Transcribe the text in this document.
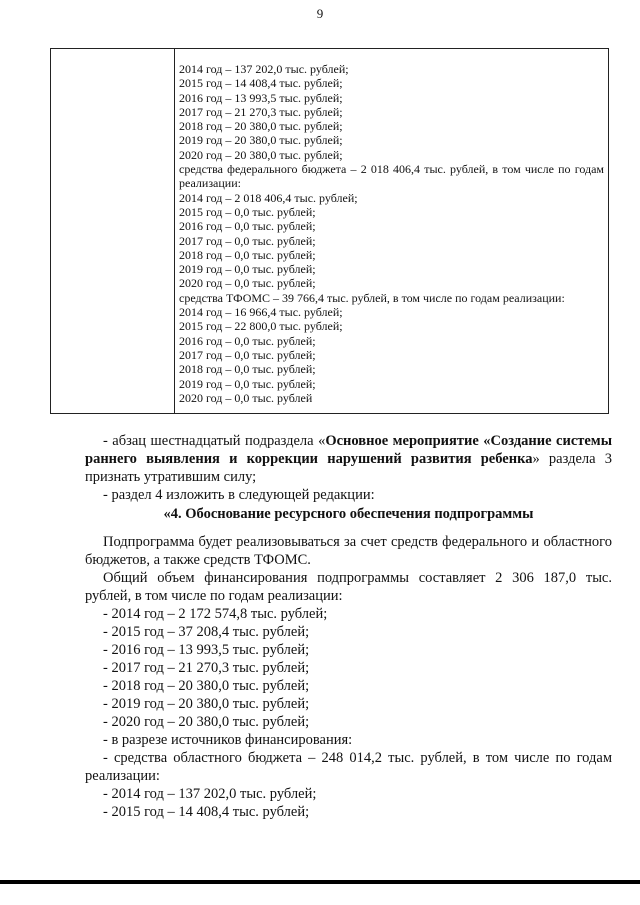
9
2014 год – 137 202,0 тыс. рублей;
2015 год – 14 408,4 тыс. рублей;
2016 год – 13 993,5 тыс. рублей;
2017 год – 21 270,3 тыс. рублей;
2018 год – 20 380,0 тыс. рублей;
2019 год – 20 380,0 тыс. рублей;
2020 год – 20 380,0 тыс. рублей;
средства федерального бюджета – 2 018 406,4 тыс. рублей, в том числе по годам реализации:
2014 год – 2 018 406,4 тыс. рублей;
2015 год – 0,0 тыс. рублей;
2016 год – 0,0 тыс. рублей;
2017 год – 0,0 тыс. рублей;
2018 год – 0,0 тыс. рублей;
2019 год – 0,0 тыс. рублей;
2020 год – 0,0 тыс. рублей;
средства ТФОМС – 39 766,4 тыс. рублей, в том числе по годам реализации:
2014 год – 16 966,4 тыс. рублей;
2015 год – 22 800,0 тыс. рублей;
2016 год – 0,0 тыс. рублей;
2017 год – 0,0 тыс. рублей;
2018 год – 0,0 тыс. рублей;
2019 год – 0,0 тыс. рублей;
2020 год – 0,0 тыс. рублей

- абзац шестнадцатый подраздела «Основное мероприятие «Создание системы раннего выявления и коррекции нарушений развития ребенка» раздела 3 признать утратившим силу;

- раздел 4 изложить в следующей редакции:

«4. Обоснование ресурсного обеспечения подпрограммы

Подпрограмма будет реализовываться за счет средств федерального и областного бюджетов, а также средств ТФОМС.

Общий объем финансирования подпрограммы составляет 2 306 187,0 тыс. рублей, в том числе по годам реализации:

- 2014 год – 2 172 574,8 тыс. рублей;

- 2015 год – 37 208,4 тыс. рублей;

- 2016 год – 13 993,5 тыс. рублей;

- 2017 год – 21 270,3 тыс. рублей;

- 2018 год – 20 380,0 тыс. рублей;

- 2019 год – 20 380,0 тыс. рублей;

- 2020 год – 20 380,0 тыс. рублей;

- в разрезе источников финансирования:

- средства областного бюджета – 248 014,2 тыс. рублей, в том числе по годам реализации:

- 2014 год – 137 202,0 тыс. рублей;

- 2015 год – 14 408,4 тыс. рублей;
